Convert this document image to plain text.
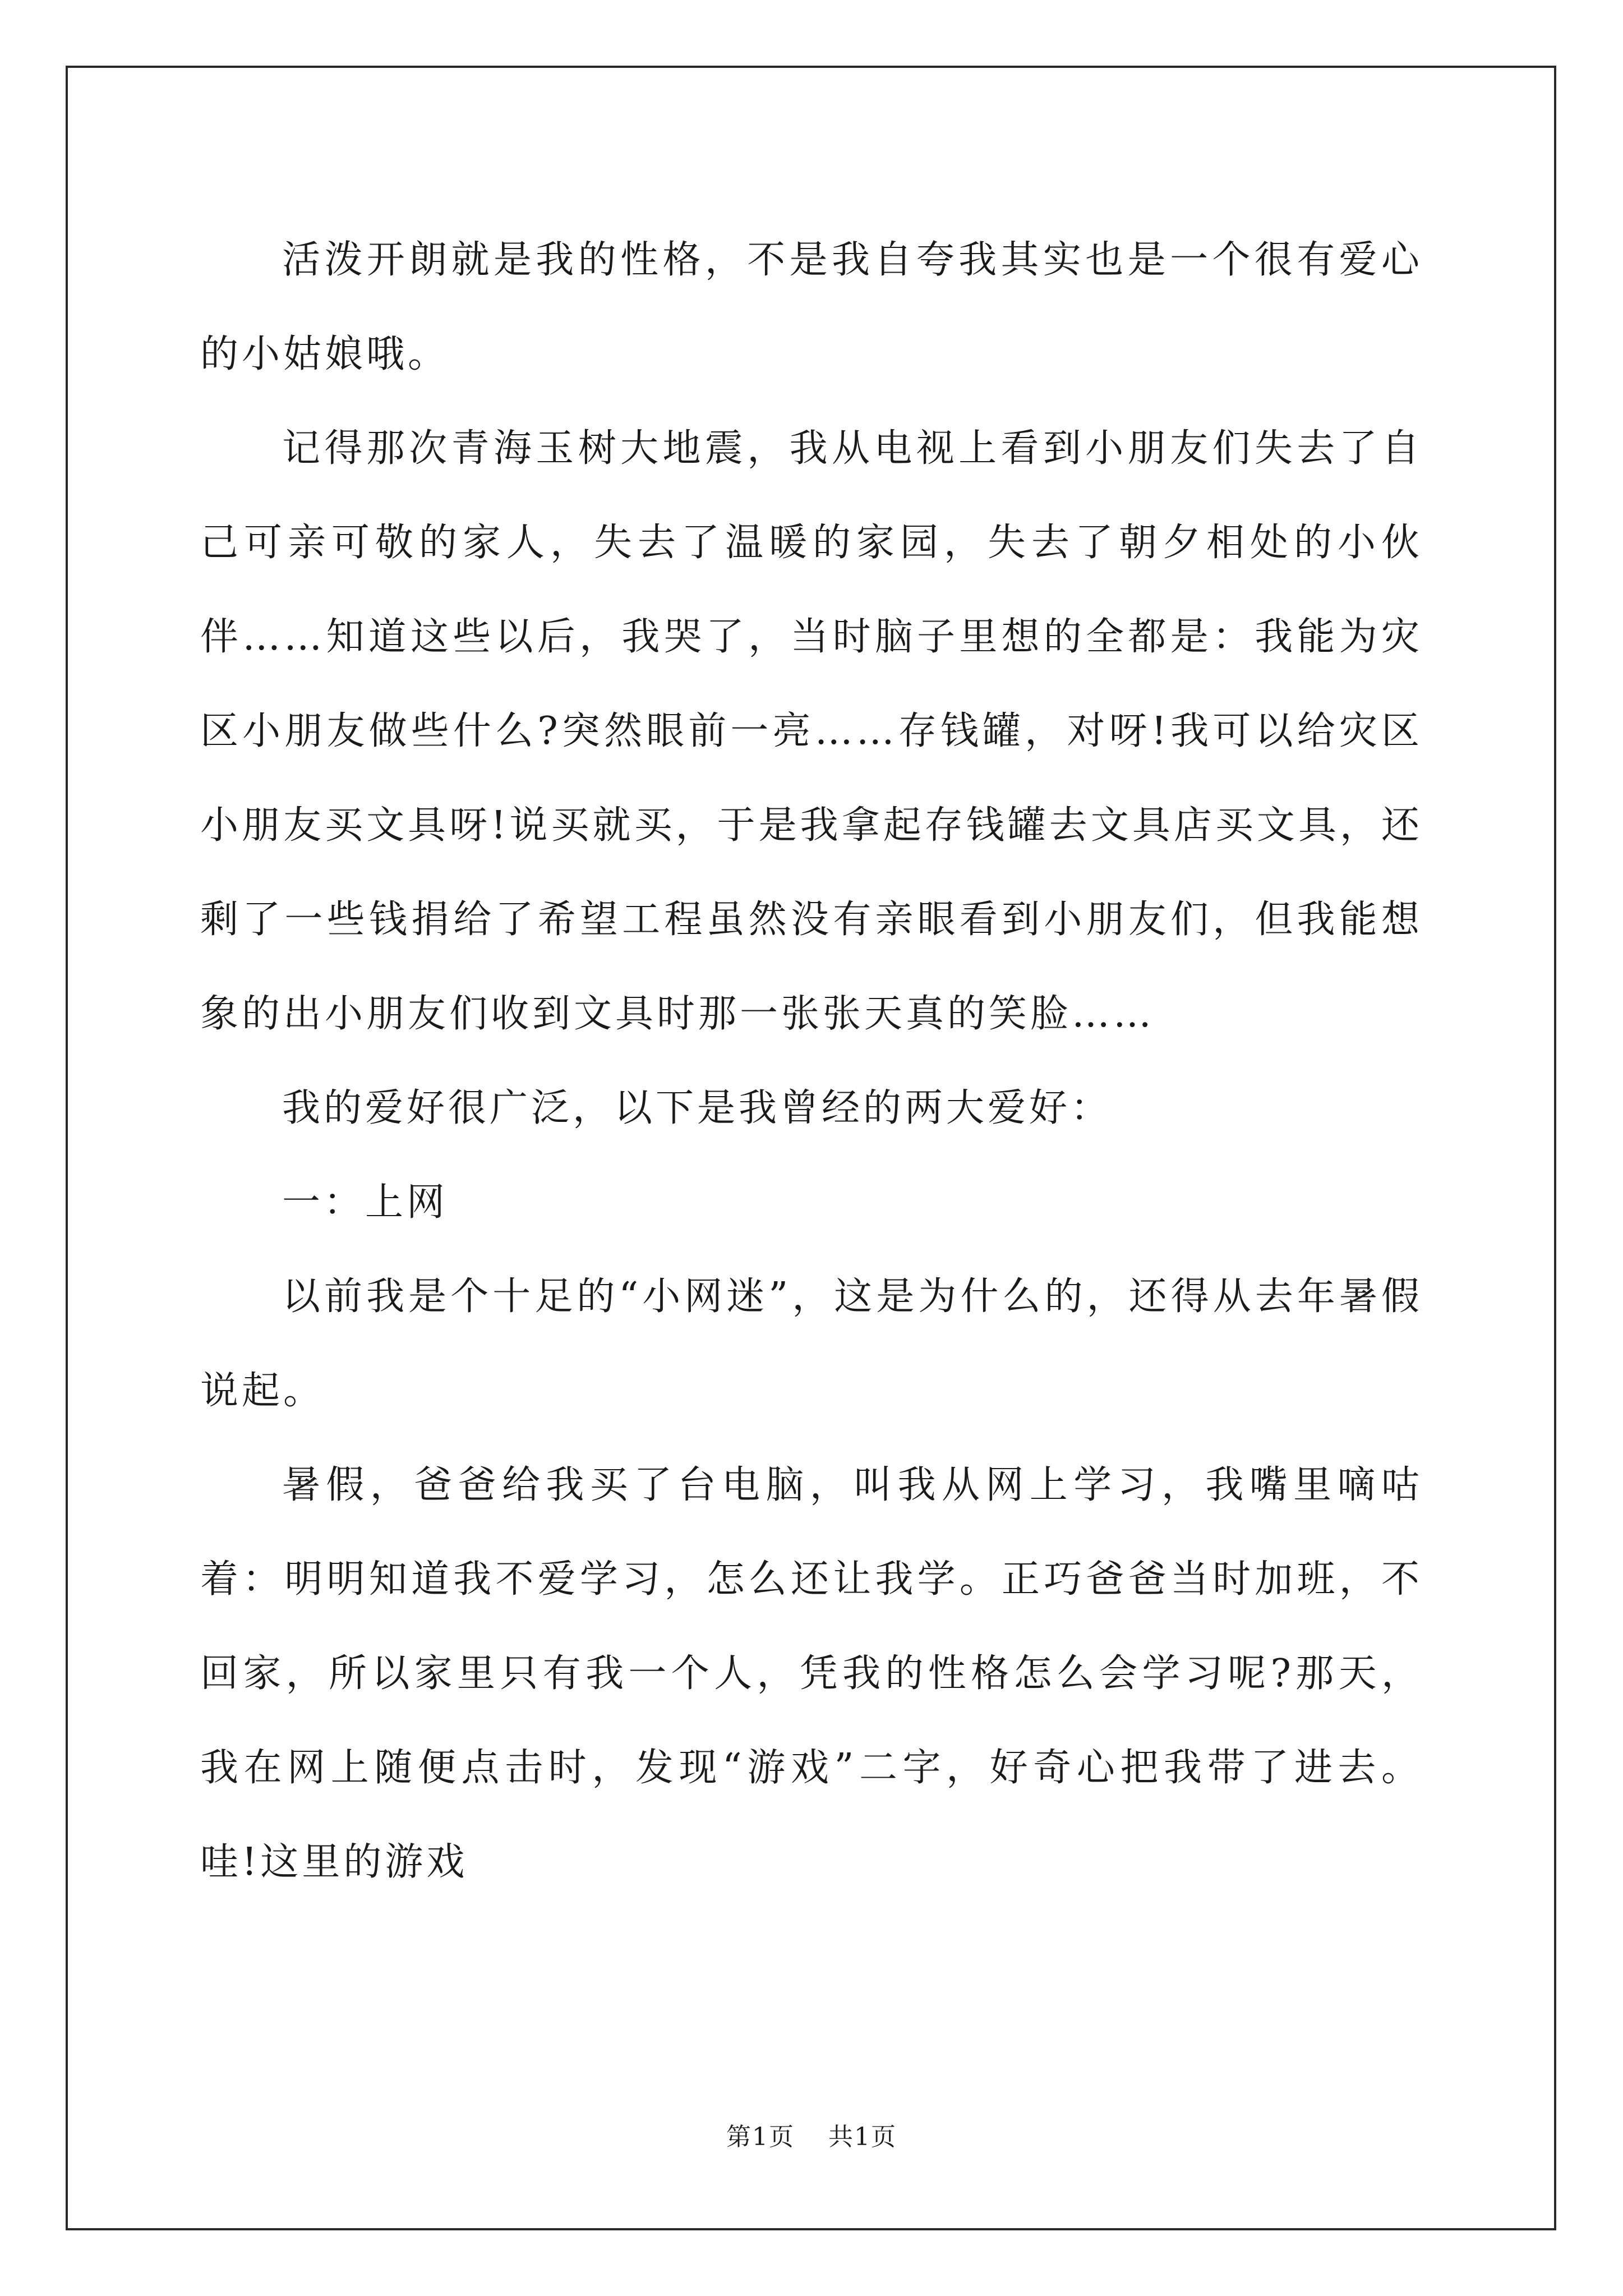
活泼开朗就是我的性格，不是我自夸我其实也是一个很有爱心的小姑娘哦。

记得那次青海玉树大地震，我从电视上看到小朋友们失去了自己可亲可敬的家人，失去了温暖的家园，失去了朝夕相处的小伙伴……知道这些以后，我哭了，当时脑子里想的全都是：我能为灾区小朋友做些什么?突然眼前一亮……存钱罐，对呀!我可以给灾区小朋友买文具呀!说买就买，于是我拿起存钱罐去文具店买文具，还剩了一些钱捐给了希望工程虽然没有亲眼看到小朋友们，但我能想象的出小朋友们收到文具时那一张张天真的笑脸……

我的爱好很广泛，以下是我曾经的两大爱好：

一：上网

以前我是个十足的“小网迷”，这是为什么的，还得从去年暑假说起。

暑假，爸爸给我买了台电脑，叫我从网上学习，我嘴里嘀咕着：明明知道我不爱学习，怎么还让我学。正巧爸爸当时加班，不回家，所以家里只有我一个人，凭我的性格怎么会学习呢?那天，我在网上随便点击时，发现“游戏”二字，好奇心把我带了进去。哇!这里的游戏

第1页 共1页
